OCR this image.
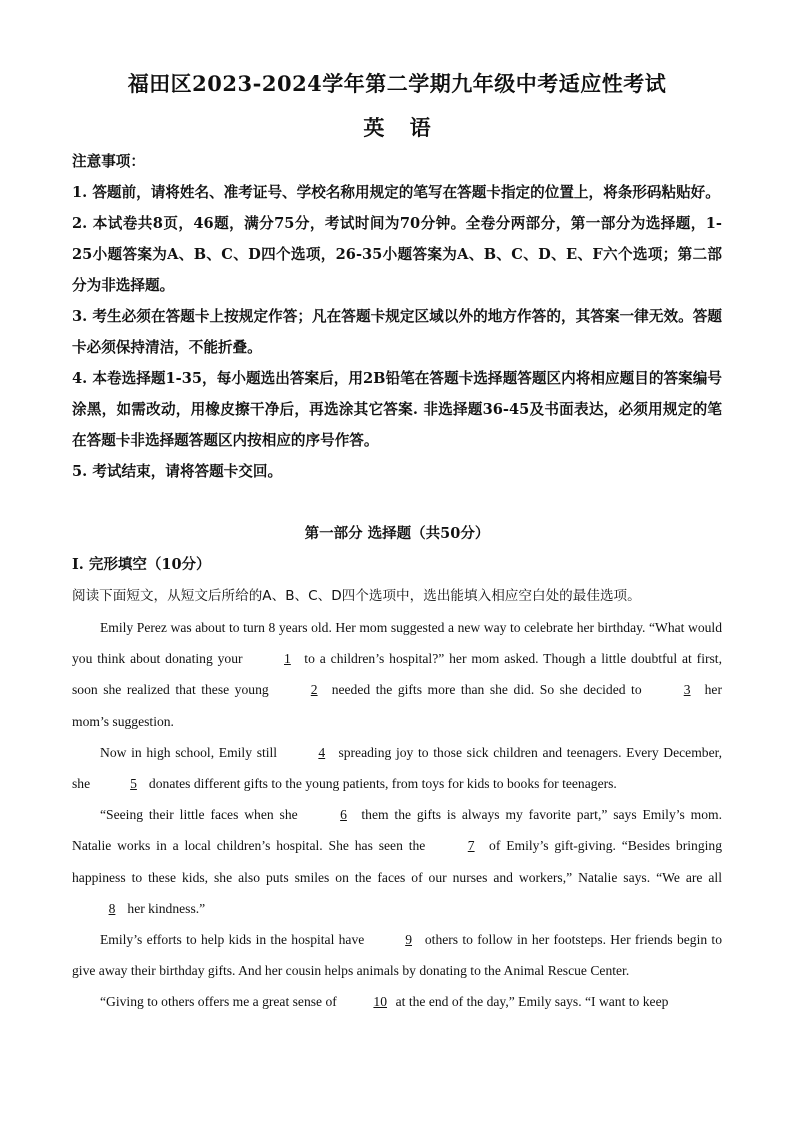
福田区2023-2024学年第二学期九年级中考适应性考试
英 语

注意事项：

1. 答题前，请将姓名、准考证号、学校名称用规定的笔写在答题卡指定的位置上，将条形码粘贴好。

2. 本试卷共8页，46题，满分75分，考试时间为70分钟。全卷分两部分，第一部分为选择题，1-25小题答案为A、B、C、D四个选项，26-35小题答案为A、B、C、D、E、F六个选项；第二部分为非选择题。

3. 考生必须在答题卡上按规定作答；凡在答题卡规定区域以外的地方作答的，其答案一律无效。答题卡必须保持清洁，不能折叠。

4. 本卷选择题1-35，每小题选出答案后，用2B铅笔在答题卡选择题答题区内将相应题目的答案编号涂黑，如需改动，用橡皮擦干净后，再选涂其它答案. 非选择题36-45及书面表达，必须用规定的笔在答题卡非选择题答题区内按相应的序号作答。

5. 考试结束，请将答题卡交回。

第一部分 选择题（共50分）
Ⅰ. 完形填空（10分）
阅读下面短文，从短文后所给的A、B、C、D四个选项中，选出能填入相应空白处的最佳选项。

Emily Perez was about to turn 8 years old. Her mom suggested a new way to celebrate her birthday. “What would you think about donating your	1 to a children’s hospital?” her mom asked. Though a little doubtful at first, soon she realized that these young	2 needed the gifts more than she did. So she decided to	3 her mom’s suggestion.

Now in high school, Emily still	4 spreading joy to those sick children and teenagers. Every December, she	5 donates different gifts to the young patients, from toys for kids to books for teenagers.

“Seeing their little faces when she	6 them the gifts is always my favorite part,” says Emily’s mom. Natalie works in a local children’s hospital. She has seen the	7 of Emily’s gift-giving. “Besides bringing happiness to these kids, she also puts smiles on the faces of our nurses and workers,” Natalie says. “We are all 8 her kindness.”

Emily’s efforts to help kids in the hospital have	9 others to follow in her footsteps. Her friends begin to give away their birthday gifts. And her cousin helps animals by donating to the Animal Rescue Center.

“Giving to others offers me a great sense of 10 at the end of the day,” Emily says. “I want to keep
